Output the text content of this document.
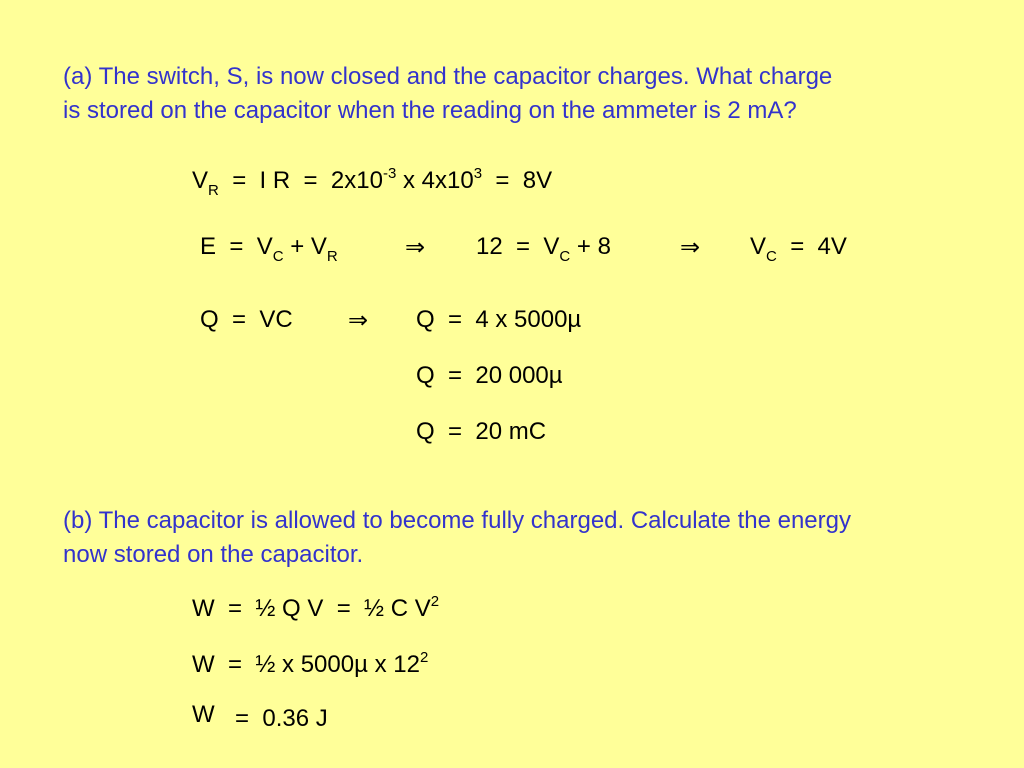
(a) The switch, S, is now closed and the capacitor charges. What charge
is stored on the capacitor when the reading on the ammeter is 2 mA?

$V_R = I$ $R = 2x10^{-3}$ x $4x10^3 = 8V$

$E = V_C + V_R$	⇒ $12 = V_C + 8$	⇒ $V_C = 4V$
Q  =  VC ⇒ Q  =  4 x 5000µ

Q  =  20 000µ

Q  =  20 mC

(b) The capacitor is allowed to become fully charged. Calculate the energy
now stored on the capacitor.

W  =  ½ Q V  =  ½ C $V^2$

W  =  ½ x 5000µ x $12^2$

W =  0.36 J
